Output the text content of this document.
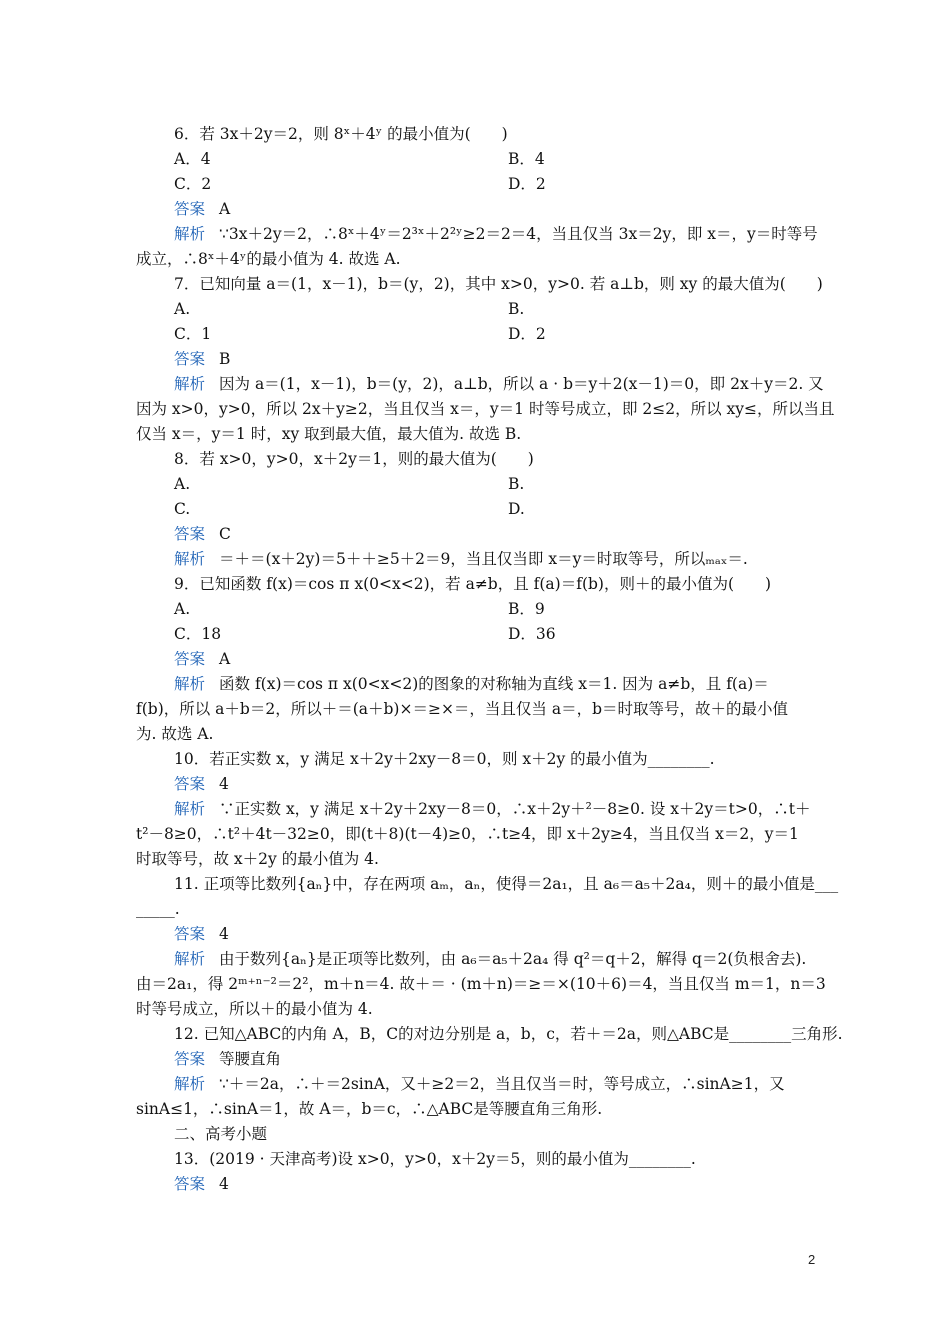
6．若 3x＋2y＝2，则 8ˣ＋4ʸ 的最小值为(　　)
A．4	B．4
C．2	D．2
答案 A
解析 ∵3x＋2y＝2，∴8ˣ＋4ʸ＝2³ˣ＋2²ʸ≥2＝2＝4，当且仅当 3x＝2y，即 x＝，y＝时等号
成立，∴8ˣ＋4ʸ的最小值为 4. 故选 A.
7．已知向量 a＝(1，x－1)，b＝(y，2)，其中 x>0，y>0. 若 a⊥b，则 xy 的最大值为(　　)
A.	B.
C．1	D．2
答案 B
解析 因为 a＝(1，x－1)，b＝(y，2)，a⊥b，所以 a · b＝y＋2(x－1)＝0，即 2x＋y＝2. 又
因为 x>0，y>0，所以 2x＋y≥2，当且仅当 x＝，y＝1 时等号成立，即 2≤2，所以 xy≤，所以当且
仅当 x＝，y＝1 时，xy 取到最大值，最大值为. 故选 B.
8．若 x>0，y>0，x＋2y＝1，则的最大值为(　　)
A.	B.
C.	D.
答案 C
解析 ＝＋＝(x＋2y)＝5＋＋≥5＋2＝9，当且仅当即 x＝y＝时取等号，所以ₘₐₓ＝.
9．已知函数 f(x)＝cos π x(0<x<2)，若 a≠b，且 f(a)＝f(b)，则＋的最小值为(　　)
A.	B．9
C．18	D．36
答案 A
解析 函数 f(x)＝cos π x(0<x<2)的图象的对称轴为直线 x＝1. 因为 a≠b，且 f(a)＝
f(b)，所以 a＋b＝2，所以＋＝(a＋b)×＝≥×＝，当且仅当 a＝，b＝时取等号，故＋的最小值
为. 故选 A.
10．若正实数 x，y 满足 x＋2y＋2xy－8＝0，则 x＋2y 的最小值为________.
答案 4
解析 ∵正实数 x，y 满足 x＋2y＋2xy－8＝0，∴x＋2y＋²－8≥0. 设 x＋2y＝t>0，∴t＋
t²－8≥0，∴t²＋4t－32≥0，即(t＋8)(t－4)≥0，∴t≥4，即 x＋2y≥4，当且仅当 x＝2，y＝1
时取等号，故 x＋2y 的最小值为 4.
11. 正项等比数列{aₙ}中，存在两项 aₘ，aₙ，使得＝2a₁，且 a₆＝a₅＋2a₄，则＋的最小值是___
_____.
答案 4
解析 由于数列{aₙ}是正项等比数列，由 a₆＝a₅＋2a₄ 得 q²＝q＋2，解得 q＝2(负根舍去).
由＝2a₁，得 2ᵐ⁺ⁿ⁻²＝2²，m＋n＝4. 故＋＝ · (m＋n)＝≥＝×(10＋6)＝4，当且仅当 m＝1，n＝3
时等号成立，所以＋的最小值为 4.
12. 已知△ABC的内角 A，B，C的对边分别是 a，b，c，若＋＝2a，则△ABC是________三角形.
答案 等腰直角
解析 ∵＋＝2a，∴＋＝2sinA，又＋≥2＝2，当且仅当＝时，等号成立，∴sinA≥1，又
sinA≤1，∴sinA＝1，故 A＝，b＝c，∴△ABC是等腰直角三角形.
二、高考小题
13．(2019 · 天津高考)设 x>0，y>0，x＋2y＝5，则的最小值为________.
答案 4
2
